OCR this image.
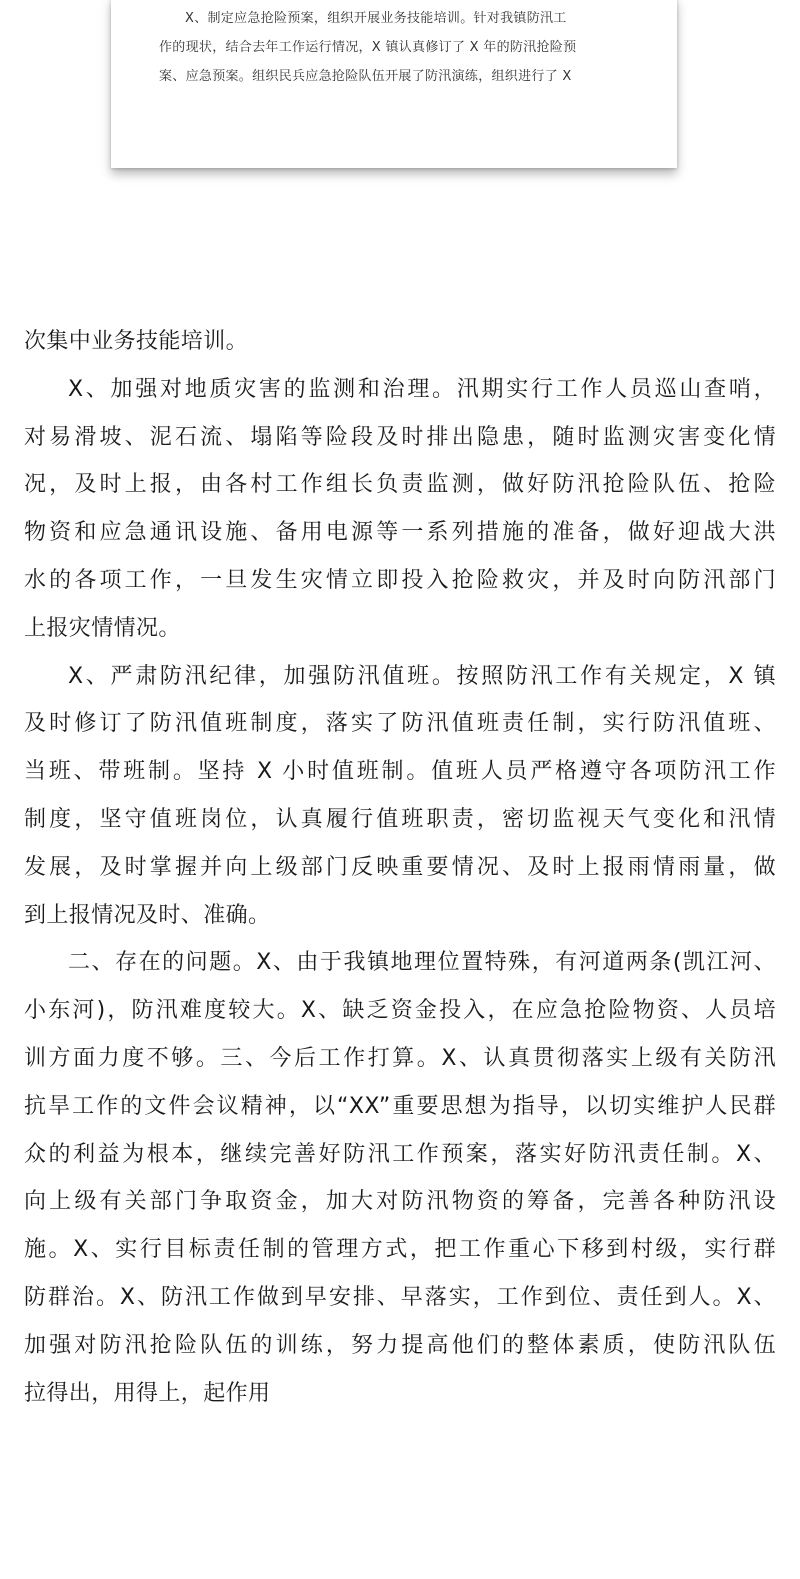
X、制定应急抢险预案，组织开展业务技能培训。针对我镇防汛工
作的现状，结合去年工作运行情况，X 镇认真修订了 X 年的防汛抢险预
案、应急预案。组织民兵应急抢险队伍开展了防汛演练，组织进行了 X
次集中业务技能培训。
X、加强对地质灾害的监测和治理。汛期实行工作人员巡山查哨，
对易滑坡、泥石流、塌陷等险段及时排出隐患，随时监测灾害变化情
况，及时上报，由各村工作组长负责监测，做好防汛抢险队伍、抢险
物资和应急通讯设施、备用电源等一系列措施的准备，做好迎战大洪
水的各项工作，一旦发生灾情立即投入抢险救灾，并及时向防汛部门
上报灾情情况。
X、严肃防汛纪律，加强防汛值班。按照防汛工作有关规定，X 镇
及时修订了防汛值班制度，落实了防汛值班责任制，实行防汛值班、
当班、带班制。坚持 X 小时值班制。值班人员严格遵守各项防汛工作
制度，坚守值班岗位，认真履行值班职责，密切监视天气变化和汛情
发展，及时掌握并向上级部门反映重要情况、及时上报雨情雨量，做
到上报情况及时、准确。
二、存在的问题。X、由于我镇地理位置特殊，有河道两条(凯江河、
小东河)，防汛难度较大。X、缺乏资金投入，在应急抢险物资、人员培
训方面力度不够。三、今后工作打算。X、认真贯彻落实上级有关防汛
抗旱工作的文件会议精神，以“XX”重要思想为指导，以切实维护人民群
众的利益为根本，继续完善好防汛工作预案，落实好防汛责任制。X、
向上级有关部门争取资金，加大对防汛物资的筹备，完善各种防汛设
施。X、实行目标责任制的管理方式，把工作重心下移到村级，实行群
防群治。X、防汛工作做到早安排、早落实，工作到位、责任到人。X、
加强对防汛抢险队伍的训练，努力提高他们的整体素质，使防汛队伍
拉得出，用得上，起作用
